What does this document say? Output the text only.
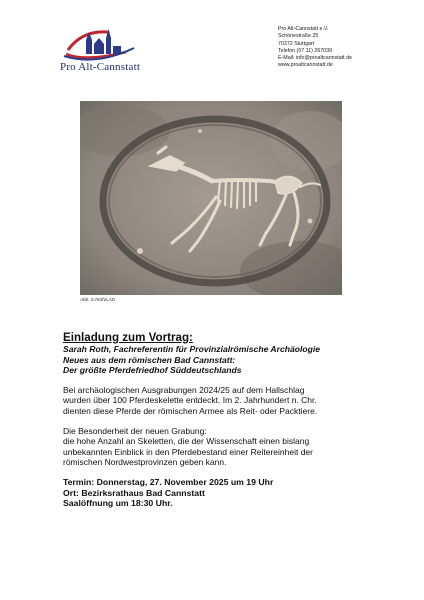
Pro Alt-Cannstatt
Pro Alt-Cannstatt e.V.
Schönestraße 25
70372 Stuttgart
Telefon (07 11) 267039
E-Mail: info@proaltcannstatt.de
www.proaltcannstatt.de
Abb. S.Roth/LAD
Einladung zum Vortrag:
Sarah Roth, Fachreferentin für Provinzialrömische Archäologie
Neues aus dem römischen Bad Cannstatt:
Der größte Pferdefriedhof Süddeutschlands
Bei archäologischen Ausgrabungen 2024/25 auf dem Hallschlag
wurden über 100 Pferdeskelette entdeckt. Im 2. Jahrhundert n. Chr.
dienten diese Pferde der römischen Armee als Reit- oder Packtiere.
Die Besonderheit der neuen Grabung:
die hohe Anzahl an Skeletten, die der Wissenschaft einen bislang
unbekannten Einblick in den Pferdebestand einer Reitereinheit der
römischen Nordwestprovinzen geben kann.
Termin: Donnerstag, 27. November 2025 um 19 Uhr
Ort: Bezirksrathaus Bad Cannstatt
Saalöffnung um 18:30 Uhr.
